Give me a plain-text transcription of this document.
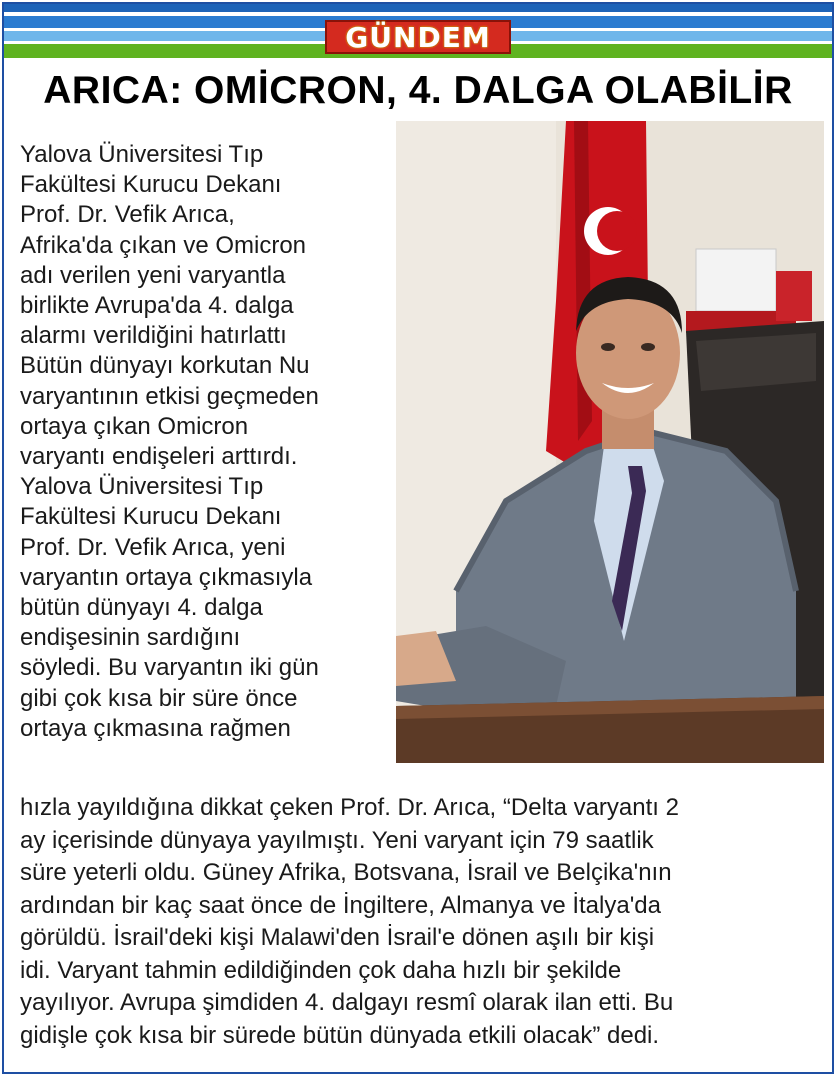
GÜNDEM
ARICA: OMİCRON, 4. DALGA OLABİLİR
Yalova Üniversitesi Tıp
Fakültesi Kurucu Dekanı
Prof. Dr. Vefik Arıca,
Afrika'da çıkan ve Omicron
adı verilen yeni varyantla
birlikte Avrupa'da 4. dalga
alarmı verildiğini hatırlattı
Bütün dünyayı korkutan Nu
varyantının etkisi geçmeden
ortaya çıkan Omicron
varyantı endişeleri arttırdı.
Yalova Üniversitesi Tıp
Fakültesi Kurucu Dekanı
Prof. Dr. Vefik Arıca, yeni
varyantın ortaya çıkmasıyla
bütün dünyayı 4. dalga
endişesinin sardığını
söyledi. Bu varyantın iki gün
gibi çok kısa bir süre önce
ortaya çıkmasına rağmen
hızla yayıldığına dikkat çeken Prof. Dr. Arıca, “Delta varyantı 2
ay içerisinde dünyaya yayılmıştı. Yeni varyant için 79 saatlik
süre yeterli oldu. Güney Afrika, Botsvana, İsrail ve Belçika'nın
ardından bir kaç saat önce de İngiltere, Almanya ve İtalya'da
görüldü. İsrail'deki kişi Malawi'den İsrail'e dönen aşılı bir kişi
idi. Varyant tahmin edildiğinden çok daha hızlı bir şekilde
yayılıyor. Avrupa şimdiden 4. dalgayı resmî olarak ilan etti. Bu
gidişle çok kısa bir sürede bütün dünyada etkili olacak” dedi.
